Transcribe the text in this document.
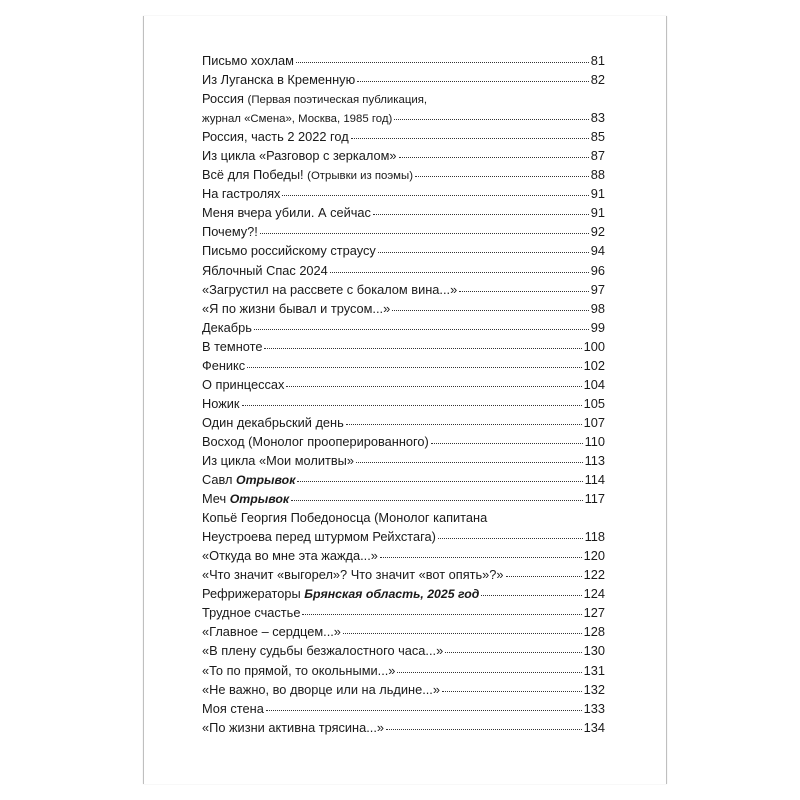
Письмо хохлам	81
Из Луганска в Кременную	82
Россия (Первая поэтическая публикация,
журнал «Смена», Москва, 1985 год)	83
Россия, часть 2 2022 год	85
Из цикла «Разговор с зеркалом»	87
Всё для Победы! (Отрывки из поэмы)	88
На гастролях	91
Меня вчера убили. А сейчас	91
Почему?!	92
Письмо российскому страусу	94
Яблочный Спас 2024	96
«Загрустил на рассвете с бокалом вина...»	97
«Я по жизни бывал и трусом...»	98
Декабрь	99
В темноте	100
Феникс	102
О принцессах	104
Ножик	105
Один декабрьский день	107
Восход (Монолог прооперированного)	110
Из цикла «Мои молитвы»	113
Савл Отрывок	114
Меч Отрывок	117
Копьё Георгия Победоносца (Монолог капитана
Неустроева перед штурмом Рейхстага)	118
«Откуда во мне эта жажда...»	120
«Что значит «выгорел»? Что значит «вот опять»?»	122
Рефрижераторы Брянская область, 2025 год	124
Трудное счастье	127
«Главное – сердцем...»	128
«В плену судьбы безжалостного часа...»	130
«То по прямой, то окольными...»	131
«Не важно, во дворце или на льдине...»	132
Моя стена	133
«По жизни активна трясина...»	134
